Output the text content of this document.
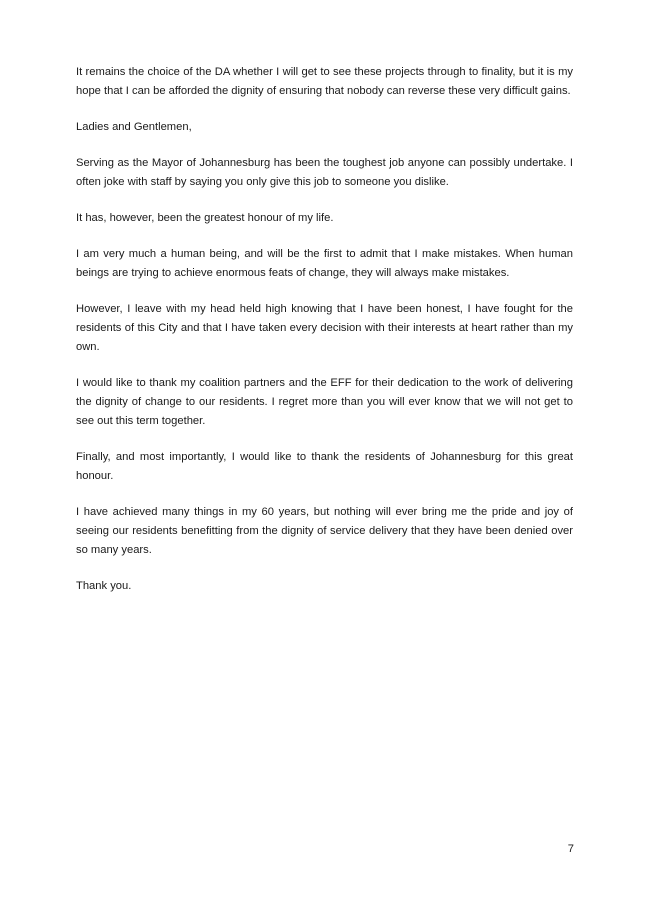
It remains the choice of the DA whether I will get to see these projects through to finality, but it is my hope that I can be afforded the dignity of ensuring that nobody can reverse these very difficult gains.

Ladies and Gentlemen,

Serving as the Mayor of Johannesburg has been the toughest job anyone can possibly undertake. I often joke with staff by saying you only give this job to someone you dislike.

It has, however, been the greatest honour of my life.

I am very much a human being, and will be the first to admit that I make mistakes. When human beings are trying to achieve enormous feats of change, they will always make mistakes.

However, I leave with my head held high knowing that I have been honest, I have fought for the residents of this City and that I have taken every decision with their interests at heart rather than my own.

I would like to thank my coalition partners and the EFF for their dedication to the work of delivering the dignity of change to our residents. I regret more than you will ever know that we will not get to see out this term together.

Finally, and most importantly, I would like to thank the residents of Johannesburg for this great honour.

I have achieved many things in my 60 years, but nothing will ever bring me the pride and joy of seeing our residents benefitting from the dignity of service delivery that they have been denied over so many years.

Thank you.

7
